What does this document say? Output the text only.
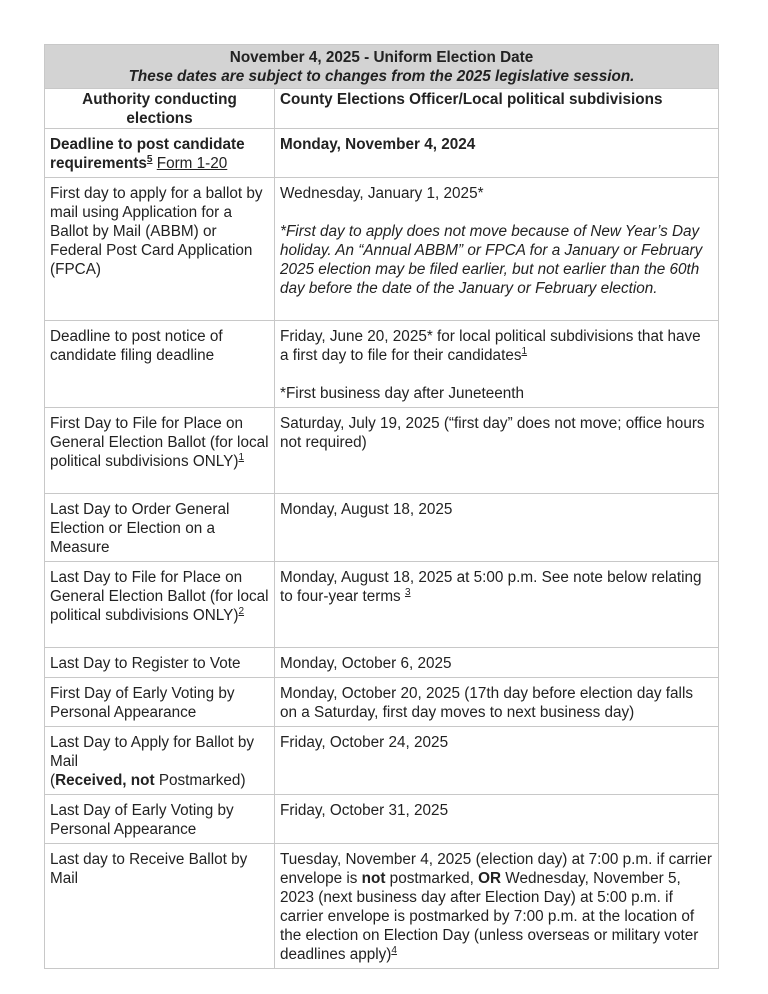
November 4, 2025 - Uniform Election Date
These dates are subject to changes from the 2025 legislative session.	

Authority conducting elections	County Elections Officer/Local political subdivisions
Deadline to post candidate requirements$^5$ Form 1-20	Monday, November 4, 2024
First day to apply for a ballot by mail using Application for a Ballot by Mail (ABBM) or Federal Post Card Application (FPCA)	Wednesday, January 1, 2025*
*First day to apply does not move because of New Year’s Day holiday. An “Annual ABBM” or FPCA for a January or February 2025 election may be filed earlier, but not earlier than the 60th day before the date of the January or February election.

Deadline to post notice of candidate filing deadline	Friday, June 20, 2025* for local political subdivisions that have a first day to file for their candidates$^1$
*First business day after Juneteenth

First Day to File for Place on General Election Ballot (for local political subdivisions ONLY)$^1$	Saturday, July 19, 2025 (“first day” does not move; office hours not required)
Last Day to Order General Election or Election on a Measure	Monday, August 18, 2025
Last Day to File for Place on General Election Ballot (for local political subdivisions ONLY)$^2$	Monday, August 18, 2025 at 5:00 p.m. See note below relating to four-year terms $^3$
Last Day to Register to Vote	Monday, October 6, 2025
First Day of Early Voting by Personal Appearance	Monday, October 20, 2025 (17th day before election day falls on a Saturday, first day moves to next business day)

Last Day to Apply for Ballot by Mail
(Received, not Postmarked)	Friday, October 24, 2025
Last Day of Early Voting by Personal Appearance	Friday, October 31, 2025
Last day to Receive Ballot by Mail	Tuesday, November 4, 2025 (election day) at 7:00 p.m. if carrier envelope is not postmarked, OR Wednesday, November 5, 2023 (next business day after Election Day) at 5:00 p.m. if carrier envelope is postmarked by 7:00 p.m. at the location of the election on Election Day (unless overseas or military voter deadlines apply)$^4$
